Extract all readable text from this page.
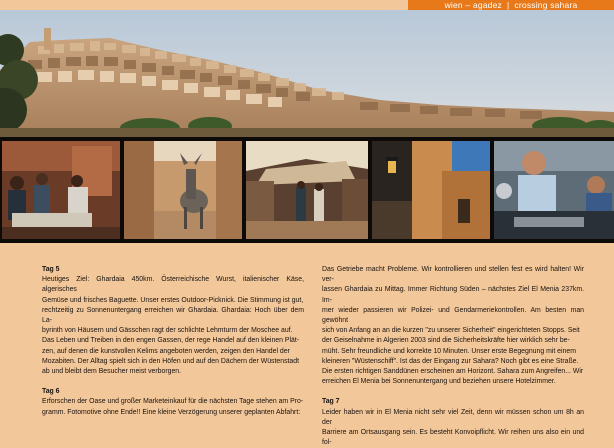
wien – agadez | crossing sahara

Tag 5

Heutiges Ziel: Ghardaia 450km. Österreichische Wurst, italienischer Käse, algerisches

Gemüse und frisches Baguette. Unser erstes Outdoor-Picknick. Die Stimmung ist gut,

rechtzeitig zu Sonnenuntergang erreichen wir Ghardaia. Ghardaia: Hoch über dem La-

byrinth von Häusern und Gässchen ragt der schlichte Lehmturm der Moschee auf.

Das Leben und Treiben in den engen Gassen, der rege Handel auf den kleinen Plät-

zen, auf denen die kunstvollen Kelims angeboten werden, zeigen den Handel der

Mozabiten. Der Alltag spielt sich in den Höfen und auf den Dächern der Wüstenstadt

ab und bleibt dem Besucher meist verborgen.

Tag 6

Erforschen der Oase und großer Marketeinkauf für die nächsten Tage stehen am Pro-

gramm. Fotomotive ohne Ende!! Eine kleine Verzögerung unserer geplanten Abfahrt:

Das Getriebe macht Probleme. Wir kontrollieren und stellen fest es wird halten! Wir ver-

lassen Ghardaia zu Mittag. Immer Richtung Süden – nächstes Ziel El Menia 237km. Im-

mer wieder passieren wir Polizei- und Gendarmeriekontrollen. Am besten man gewöhnt

sich von Anfang an an die kurzen "zu unserer Sicherheit" eingerichteten Stopps. Seit

der Geiselnahme in Algerien 2003 sind die Sicherheitskräfte hier wirklich sehr be-

müht. Sehr freundliche und korrekte 10 Minuten. Unser erste Begegnung mit einem

kleineren "Wüstenschiff". Ist das der Eingang zur Sahara? Noch gibt es eine Straße.

Die ersten richtigen Sanddünen erscheinen am Horizont. Sahara zum Angreifen... Wir

erreichen El Menia bei Sonnenuntergang und beziehen unsere Hotelzimmer.

Tag 7

Leider haben wir in El Menia nicht sehr viel Zeit, denn wir müssen schon um 8h an der

Barriere am Ortsausgang sein. Es besteht Konvoipflicht. Wir reihen uns also ein und fol-
